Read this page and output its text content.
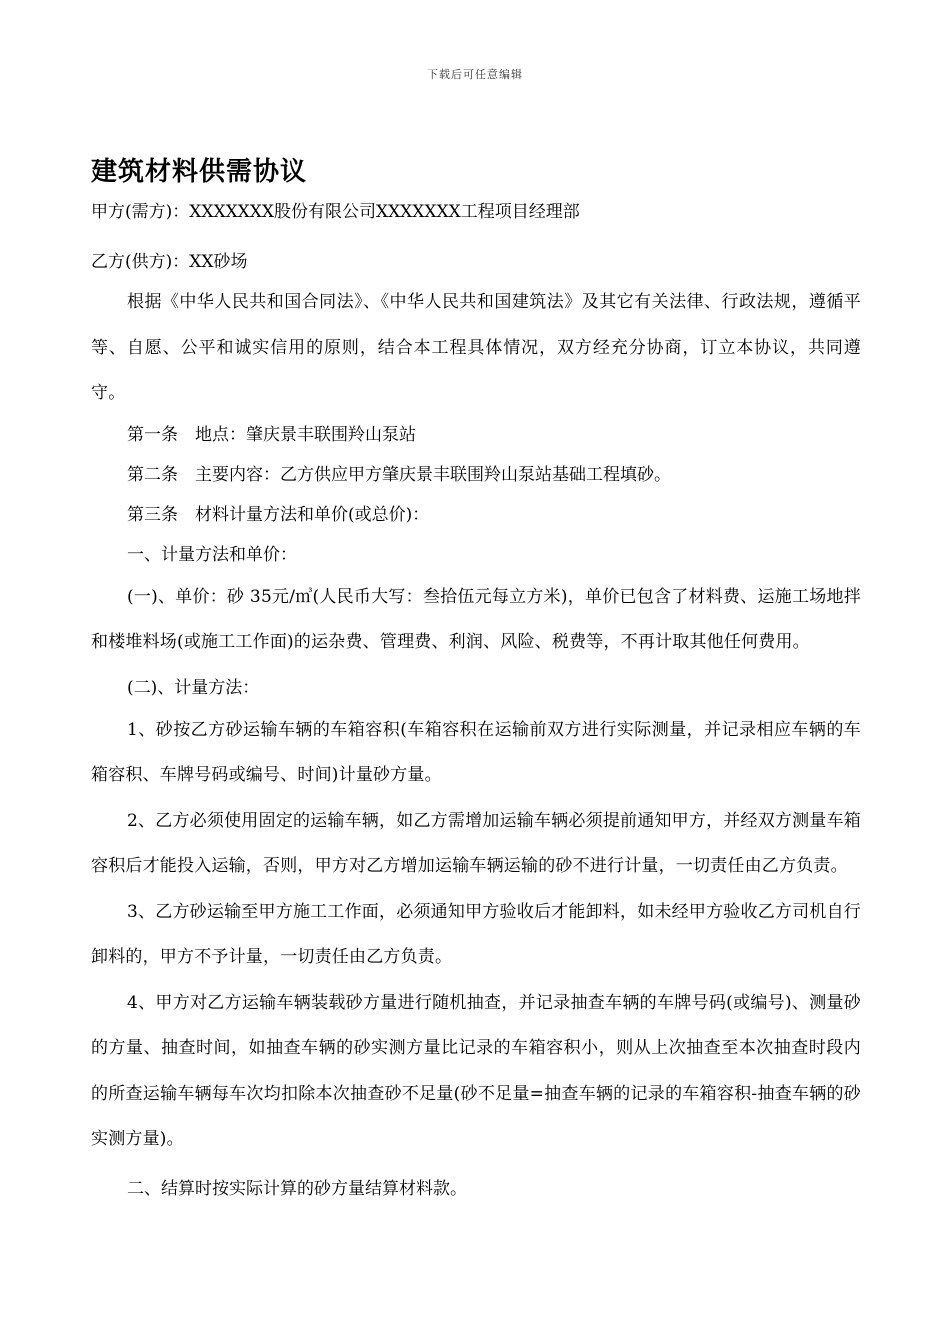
下载后可任意编辑
建筑材料供需协议

甲方(需方)：XXXXXXX股份有限公司XXXXXXX工程项目经理部

乙方(供方)：XX砂场

根据《中华人民共和国合同法》、《中华人民共和国建筑法》及其它有关法律、行政法规，遵循平等、自愿、公平和诚实信用的原则，结合本工程具体情况，双方经充分协商，订立本协议，共同遵守。

第一条　地点：肇庆景丰联围羚山泵站

第二条　主要内容：乙方供应甲方肇庆景丰联围羚山泵站基础工程填砂。

第三条　材料计量方法和单价(或总价)：

一、计量方法和单价：

(一)、单价：砂 35元/㎥(人民币大写：叁拾伍元每立方米)，单价已包含了材料费、运施工场地拌和楼堆料场(或施工工作面)的运杂费、管理费、利润、风险、税费等，不再计取其他任何费用。

(二)、计量方法：

1、砂按乙方砂运输车辆的车箱容积(车箱容积在运输前双方进行实际测量，并记录相应车辆的车箱容积、车牌号码或编号、时间)计量砂方量。

2、乙方必须使用固定的运输车辆，如乙方需增加运输车辆必须提前通知甲方，并经双方测量车箱容积后才能投入运输，否则，甲方对乙方增加运输车辆运输的砂不进行计量，一切责任由乙方负责。

3、乙方砂运输至甲方施工工作面，必须通知甲方验收后才能卸料，如未经甲方验收乙方司机自行卸料的，甲方不予计量，一切责任由乙方负责。

4、甲方对乙方运输车辆装载砂方量进行随机抽查，并记录抽查车辆的车牌号码(或编号)、测量砂的方量、抽查时间，如抽查车辆的砂实测方量比记录的车箱容积小，则从上次抽查至本次抽查时段内的所查运输车辆每车次均扣除本次抽查砂不足量(砂不足量=抽查车辆的记录的车箱容积-抽查车辆的砂实测方量)。

二、结算时按实际计算的砂方量结算材料款。
